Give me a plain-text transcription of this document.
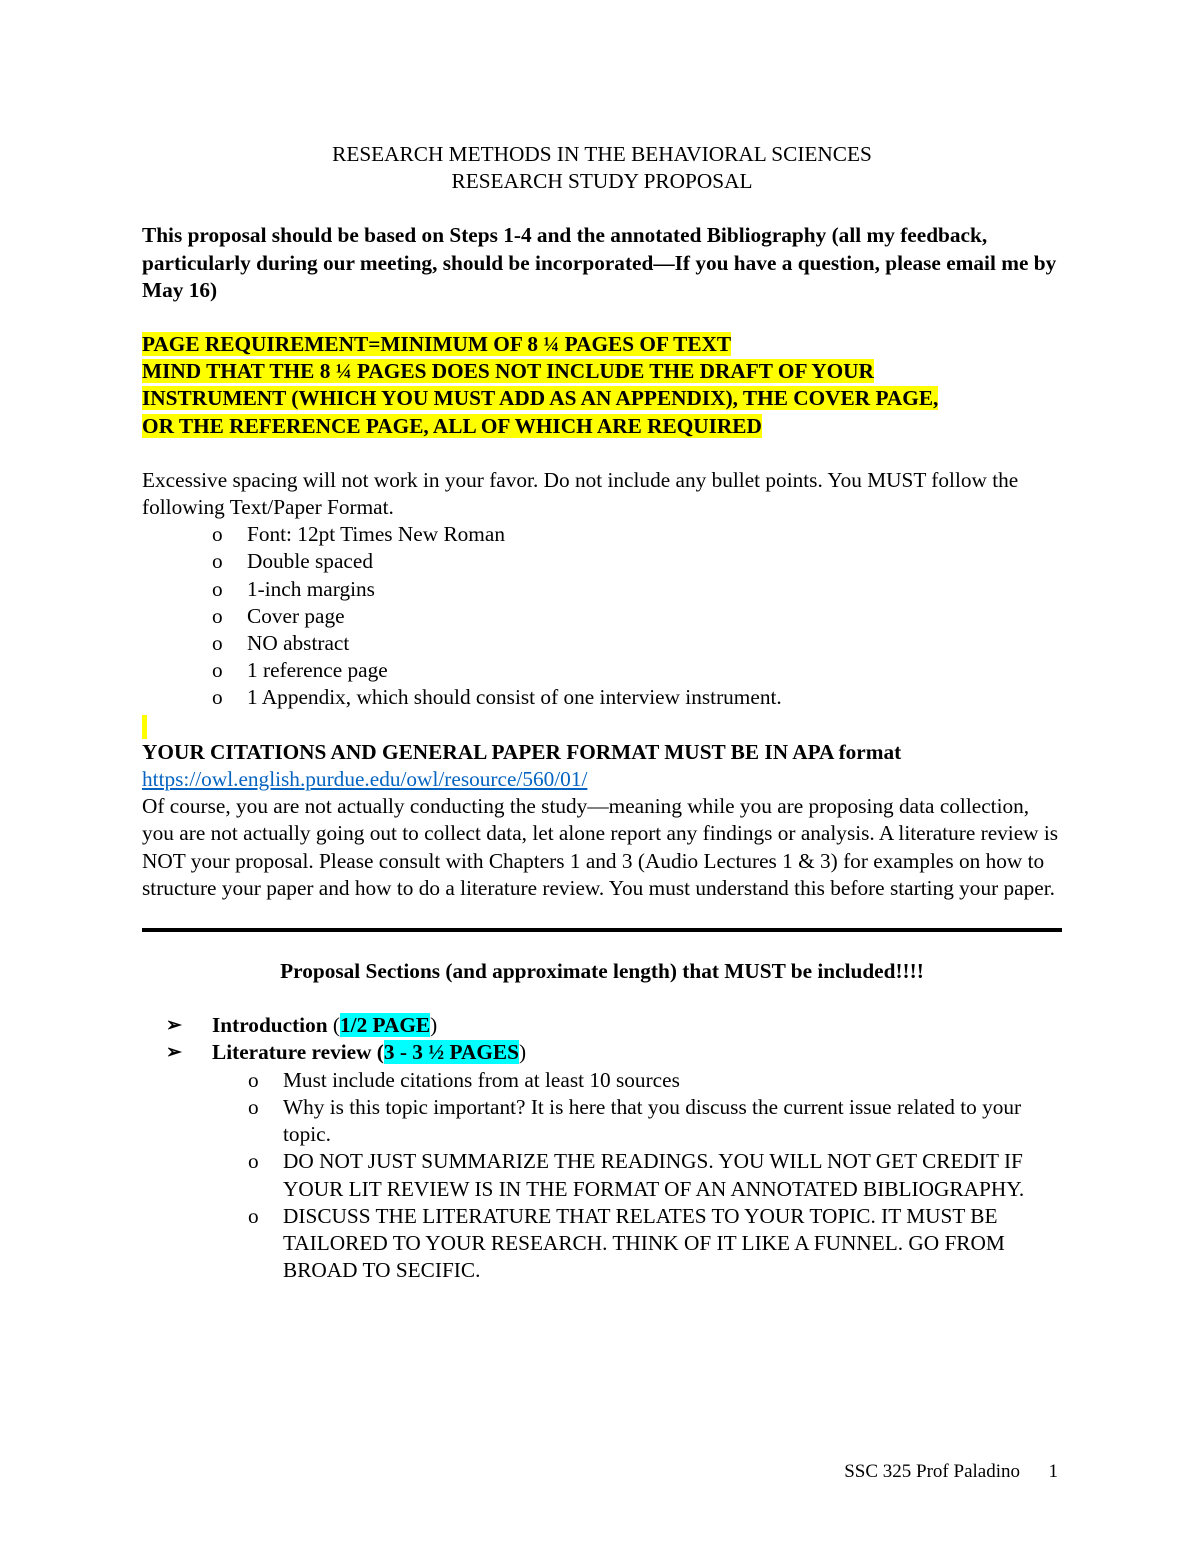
RESEARCH METHODS IN THE BEHAVIORAL SCIENCES

RESEARCH STUDY PROPOSAL

This proposal should be based on Steps 1-4 and the annotated Bibliography (all my feedback, particularly during our meeting, should be incorporated—If you have a question, please email me by May 16)

PAGE REQUIREMENT=MINIMUM OF 8 ¼ PAGES OF TEXT

MIND THAT THE 8 ¼ PAGES DOES NOT INCLUDE THE DRAFT OF YOUR

INSTRUMENT (WHICH YOU MUST ADD AS AN APPENDIX), THE COVER PAGE,

OR THE REFERENCE PAGE, ALL OF WHICH ARE REQUIRED

Excessive spacing will not work in your favor. Do not include any bullet points. You MUST follow the following Text/Paper Format.

o	Font: 12pt Times New Roman
o	Double spaced
o	1-inch margins
o	Cover page
o	NO abstract
o	1 reference page
o	1 Appendix, which should consist of one interview instrument.

YOUR CITATIONS AND GENERAL PAPER FORMAT MUST BE IN APA format

https://owl.english.purdue.edu/owl/resource/560/01/

Of course, you are not actually conducting the study—meaning while you are proposing data collection, you are not actually going out to collect data, let alone report any findings or analysis. A literature review is NOT your proposal. Please consult with Chapters 1 and 3 (Audio Lectures 1 & 3) for examples on how to structure your paper and how to do a literature review. You must understand this before starting your paper.

Proposal Sections (and approximate length) that MUST be included!!!!

➢	Introduction (1/2 PAGE)
➢	Literature review (3 - 3 ½ PAGES)
o	Must include citations from at least 10 sources
o	Why is this topic important? It is here that you discuss the current issue related to your topic.
o	DO NOT JUST SUMMARIZE THE READINGS. YOU WILL NOT GET CREDIT IF YOUR LIT REVIEW IS IN THE FORMAT OF AN ANNOTATED BIBLIOGRAPHY.
o	DISCUSS THE LITERATURE THAT RELATES TO YOUR TOPIC. IT MUST BE TAILORED TO YOUR RESEARCH. THINK OF IT LIKE A FUNNEL. GO FROM BROAD TO SECIFIC.
SSC 325 Prof Paladino 1
